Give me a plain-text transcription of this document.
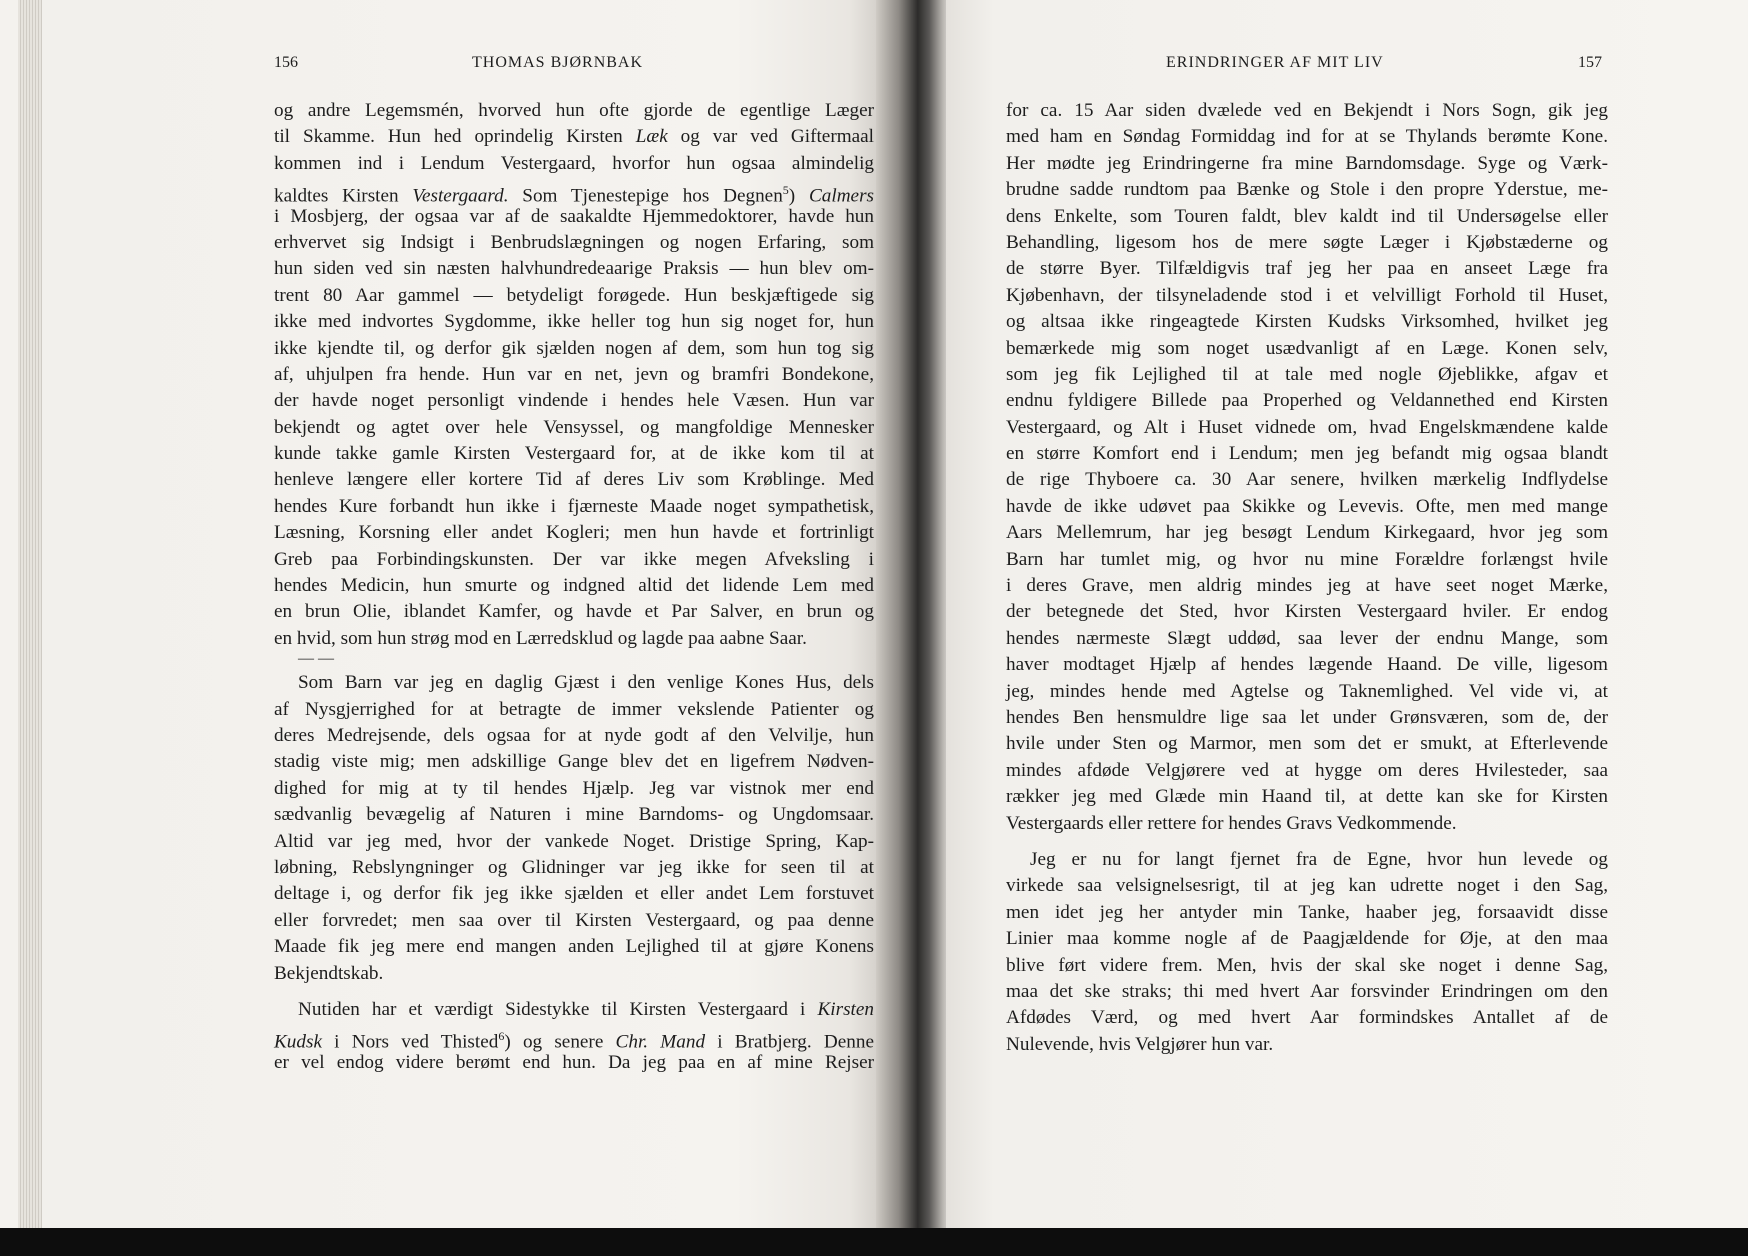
156	THOMAS BJØRNBAK	ERINDRINGER AF MIT LIV	157
og andre Legemsmén, hvorved hun ofte gjorde de egentlige Læger
til Skamme. Hun hed oprindelig Kirsten Læk og var ved Giftermaal
kommen ind i Lendum Vestergaard, hvorfor hun ogsaa almindelig
kaldtes Kirsten Vestergaard. Som Tjenestepige hos Degnen$^5$) Calmers
i Mosbjerg, der ogsaa var af de saakaldte Hjemmedoktorer, havde hun
erhvervet sig Indsigt i Benbrudslægningen og nogen Erfaring, som
hun siden ved sin næsten halvhundredeaarige Praksis — hun blev om-
trent 80 Aar gammel — betydeligt forøgede. Hun beskjæftigede sig
ikke med indvortes Sygdomme, ikke heller tog hun sig noget for, hun
ikke kjendte til, og derfor gik sjælden nogen af dem, som hun tog sig
af, uhjulpen fra hende. Hun var en net, jevn og bramfri Bondekone,
der havde noget personligt vindende i hendes hele Væsen. Hun var
bekjendt og agtet over hele Vensyssel, og mangfoldige Mennesker
kunde takke gamle Kirsten Vestergaard for, at de ikke kom til at
henleve længere eller kortere Tid af deres Liv som Krøblinge. Med
hendes Kure forbandt hun ikke i fjærneste Maade noget sympathetisk,
Læsning, Korsning eller andet Kogleri; men hun havde et fortrinligt
Greb paa Forbindingskunsten. Der var ikke megen Afveksling i
hendes Medicin, hun smurte og indgned altid det lidende Lem med
en brun Olie, iblandet Kamfer, og havde et Par Salver, en brun og
en hvid, som hun strøg mod en Lærredsklud og lagde paa aabne Saar.
— —
Som Barn var jeg en daglig Gjæst i den venlige Kones Hus, dels
af Nysgjerrighed for at betragte de immer vekslende Patienter og
deres Medrejsende, dels ogsaa for at nyde godt af den Velvilje, hun
stadig viste mig; men adskillige Gange blev det en ligefrem Nødven-
dighed for mig at ty til hendes Hjælp. Jeg var vistnok mer end
sædvanlig bevægelig af Naturen i mine Barndoms- og Ungdomsaar.
Altid var jeg med, hvor der vankede Noget. Dristige Spring, Kap-
løbning, Rebslyngninger og Glidninger var jeg ikke for seen til at
deltage i, og derfor fik jeg ikke sjælden et eller andet Lem forstuvet
eller forvredet; men saa over til Kirsten Vestergaard, og paa denne
Maade fik jeg mere end mangen anden Lejlighed til at gjøre Konens
Bekjendtskab.
Nutiden har et værdigt Sidestykke til Kirsten Vestergaard i Kirsten
Kudsk i Nors ved Thisted$^6$) og senere Chr. Mand i Bratbjerg. Denne
er vel endog videre berømt end hun. Da jeg paa en af mine Rejser
for ca. 15 Aar siden dvælede ved en Bekjendt i Nors Sogn, gik jeg
med ham en Søndag Formiddag ind for at se Thylands berømte Kone.
Her mødte jeg Erindringerne fra mine Barndomsdage. Syge og Værk-
brudne sadde rundtom paa Bænke og Stole i den propre Yderstue, me-
dens Enkelte, som Touren faldt, blev kaldt ind til Undersøgelse eller
Behandling, ligesom hos de mere søgte Læger i Kjøbstæderne og
de større Byer. Tilfældigvis traf jeg her paa en anseet Læge fra
Kjøbenhavn, der tilsyneladende stod i et velvilligt Forhold til Huset,
og altsaa ikke ringeagtede Kirsten Kudsks Virksomhed, hvilket jeg
bemærkede mig som noget usædvanligt af en Læge. Konen selv,
som jeg fik Lejlighed til at tale med nogle Øjeblikke, afgav et
endnu fyldigere Billede paa Properhed og Veldannethed end Kirsten
Vestergaard, og Alt i Huset vidnede om, hvad Engelskmændene kalde
en større Komfort end i Lendum; men jeg befandt mig ogsaa blandt
de rige Thyboere ca. 30 Aar senere, hvilken mærkelig Indflydelse
havde de ikke udøvet paa Skikke og Levevis. Ofte, men med mange
Aars Mellemrum, har jeg besøgt Lendum Kirkegaard, hvor jeg som
Barn har tumlet mig, og hvor nu mine Forældre forlængst hvile
i deres Grave, men aldrig mindes jeg at have seet noget Mærke,
der betegnede det Sted, hvor Kirsten Vestergaard hviler. Er endog
hendes nærmeste Slægt uddød, saa lever der endnu Mange, som
haver modtaget Hjælp af hendes lægende Haand. De ville, ligesom
jeg, mindes hende med Agtelse og Taknemlighed. Vel vide vi, at
hendes Ben hensmuldre lige saa let under Grønsværen, som de, der
hvile under Sten og Marmor, men som det er smukt, at Efterlevende
mindes afdøde Velgjørere ved at hygge om deres Hvilesteder, saa
rækker jeg med Glæde min Haand til, at dette kan ske for Kirsten
Vestergaards eller rettere for hendes Gravs Vedkommende.
Jeg er nu for langt fjernet fra de Egne, hvor hun levede og
virkede saa velsignelsesrigt, til at jeg kan udrette noget i den Sag,
men idet jeg her antyder min Tanke, haaber jeg, forsaavidt disse
Linier maa komme nogle af de Paagjældende for Øje, at den maa
blive ført videre frem. Men, hvis der skal ske noget i denne Sag,
maa det ske straks; thi med hvert Aar forsvinder Erindringen om den
Afdødes Værd, og med hvert Aar formindskes Antallet af de
Nulevende, hvis Velgjører hun var.
